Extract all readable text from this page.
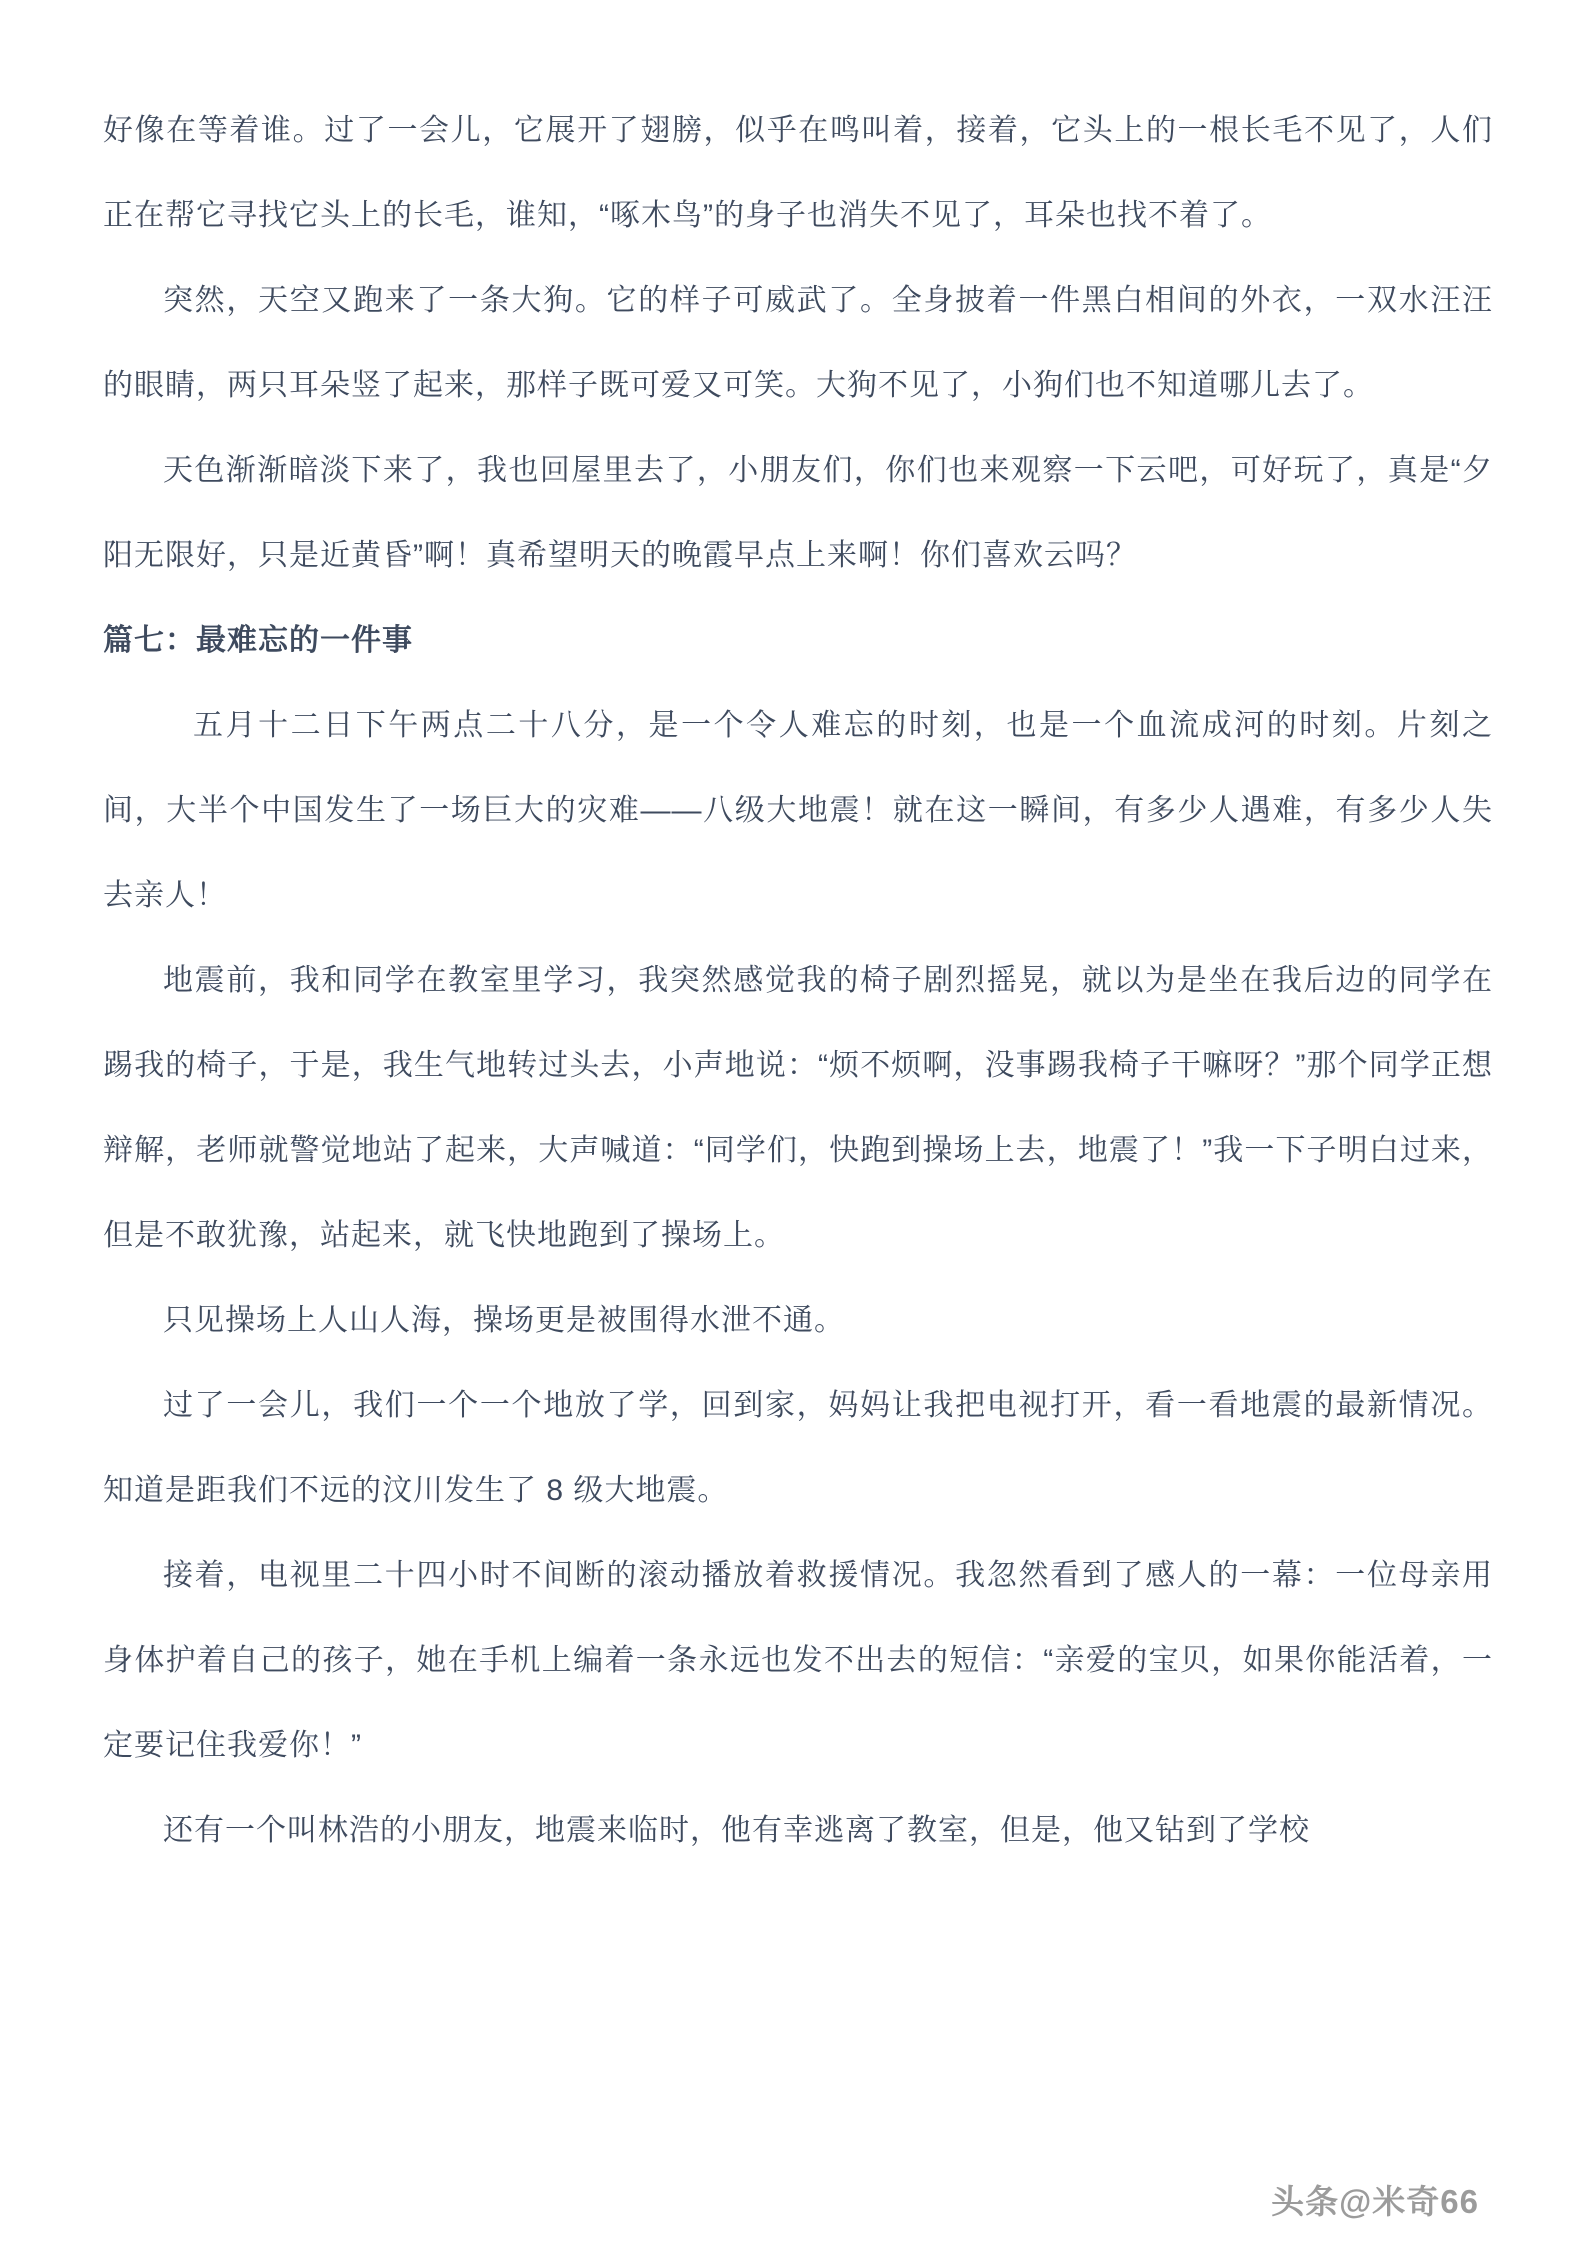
好像在等着谁。过了一会儿，它展开了翅膀，似乎在鸣叫着，接着，它头上的一根长毛不见了，人们 正在帮它寻找它头上的长毛，谁知，“啄木鸟”的身子也消失不见了，耳朵也找不着了。

突然，天空又跑来了一条大狗。它的样子可威武了。全身披着一件黑白相间的外衣，一双水汪汪的眼睛，两只耳朵竖了起来，那样子既可爱又可笑。大狗不见了，小狗们也不知道哪儿去了。

天色渐渐暗淡下来了，我也回屋里去了，小朋友们，你们也来观察一下云吧，可好玩了，真是“夕阳无限好，只是近黄昏”啊！真希望明天的晚霞早点上来啊！你们喜欢云吗？

篇七：最难忘的一件事

五月十二日下午两点二十八分，是一个令人难忘的时刻，也是一个血流成河的时刻。片刻之间，大半个中国发生了一场巨大的灾难——八级大地震！就在这一瞬间，有多少人遇难，有多少人失去亲人！

地震前，我和同学在教室里学习，我突然感觉我的椅子剧烈摇晃，就以为是坐在我后边的同学在踢我的椅子，于是，我生气地转过头去，小声地说：“烦不烦啊，没事踢我椅子干嘛呀？”那个同学正想辩解，老师就警觉地站了起来，大声喊道：“同学们，快跑到操场上去，地震了！”我一下子明白过来，但是不敢犹豫，站起来，就飞快地跑到了操场上。

只见操场上人山人海，操场更是被围得水泄不通。

过了一会儿，我们一个一个地放了学，回到家，妈妈让我把电视打开，看一看地震的最新情况。知道是距我们不远的汶川发生了 8 级大地震。

接着，电视里二十四小时不间断的滚动播放着救援情况。我忽然看到了感人的一幕：一位母亲用身体护着自己的孩子，她在手机上编着一条永远也发不出去的短信：“亲爱的宝贝，如果你能活着，一定要记住我爱你！”

还有一个叫林浩的小朋友，地震来临时，他有幸逃离了教室，但是，他又钻到了学校

头条@米奇66
